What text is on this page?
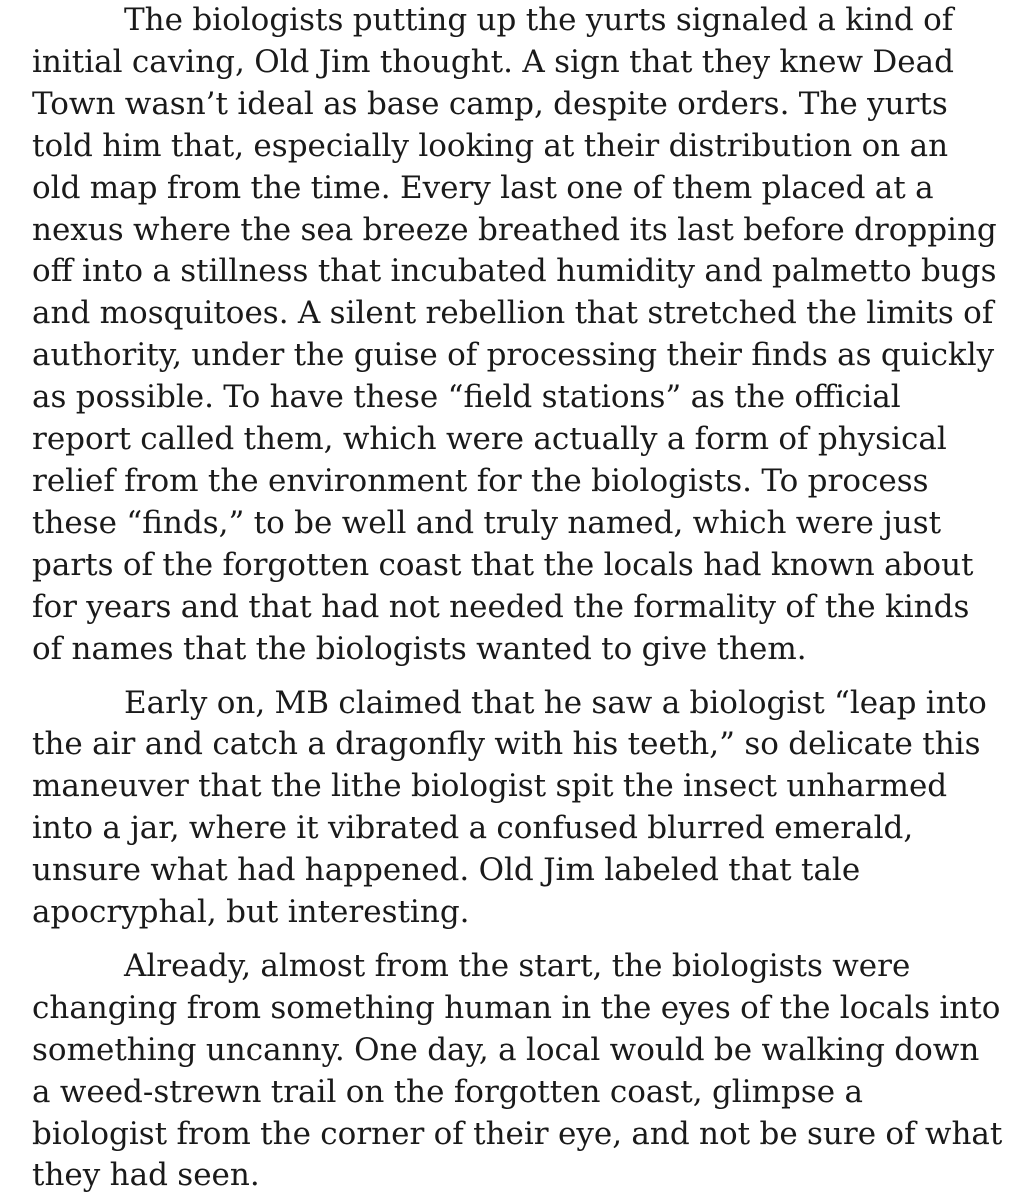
The biologists putting up the yurts signaled a kind of
initial caving, Old Jim thought. A sign that they knew Dead
Town wasn’t ideal as base camp, despite orders. The yurts
told him that, especially looking at their distribution on an
old map from the time. Every last one of them placed at a
nexus where the sea breeze breathed its last before dropping
off into a stillness that incubated humidity and palmetto bugs
and mosquitoes. A silent rebellion that stretched the limits of
authority, under the guise of processing their finds as quickly
as possible. To have these “field stations” as the official
report called them, which were actually a form of physical
relief from the environment for the biologists. To process
these “finds,” to be well and truly named, which were just
parts of the forgotten coast that the locals had known about
for years and that had not needed the formality of the kinds
of names that the biologists wanted to give them.
Early on, MB claimed that he saw a biologist “leap into
the air and catch a dragonfly with his teeth,” so delicate this
maneuver that the lithe biologist spit the insect unharmed
into a jar, where it vibrated a confused blurred emerald,
unsure what had happened. Old Jim labeled that tale
apocryphal, but interesting.
Already, almost from the start, the biologists were
changing from something human in the eyes of the locals into
something uncanny. One day, a local would be walking down
a weed-strewn trail on the forgotten coast, glimpse a
biologist from the corner of their eye, and not be sure of what
they had seen.
